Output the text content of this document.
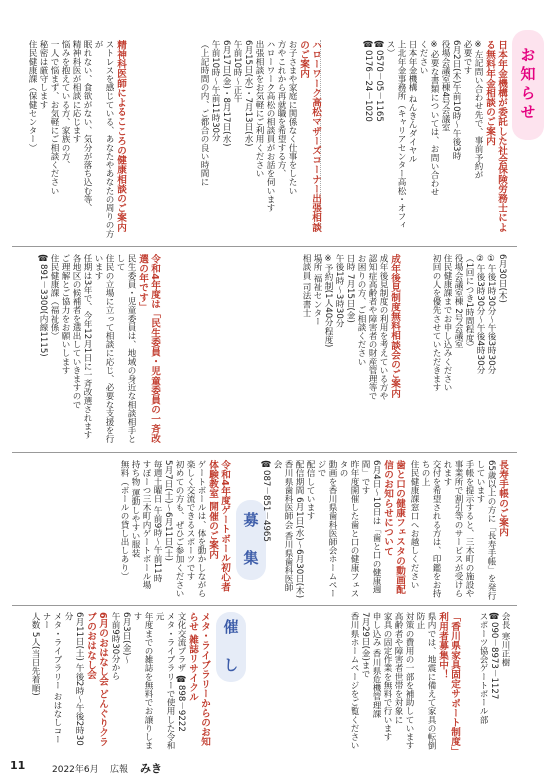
お知らせ
日本年金機構が委託した社会保険労務士による無料年金相談のご案内
※左記問い合わせ先で、事前予約が
必要です
6月2日(木)午前10時～午後3時
役場会議室棟4号会議室
※必要な書類については、お問い合わせ
ください
日本年金機構 ねんきんダイヤル
上北年金事務所（キャリアセンター高松・オフィス）
☎0570－05－1165
☎0176－24－1020
ハローワーク高松マザーズコーナー出張相談のご案内
お子さまや家庭に関係なく仕事をしたい
方やこれから再就職を希望する方、
ハローワーク高松の相談員がお話を伺います
出張相談をお気軽にご利用ください
6月15日(水)・7月13日(水)
午前10時～正午
6月17日(金)・8月17日(水)
午前10時～午前11時30分
（上記時間の内、ご都合の良い時間に
精神科医師によるこころの健康相談のご案内
ストレスを感じている、あなたやあなたの周りの方が
眠れない、食欲がない、気分が落ち込む等、
精神科医が相談に応じます
悩みを抱えている方、家族の方、
一人で悩まず、お気軽にご相談ください
秘密は厳守します
住民健康課（保健センター）
6月30日(木)
①午後1時30分～午後3時30分
②午後3時30分～午後4時30分
（1回につき1時間程度）
役場会議室棟 2号会議室
住民健康課までお申し込みください
初回の人を優先させていただきます
成年後見制度無料相談会のご案内
成年後見制度の利用を考えている方や
認知症高齢者や障害者の財産管理等で
お困りの方、ご相談ください
日時 7月15日(金)
午後1時～3時30分
※予約制(1人40分程度)
場所 福祉センター
相談員 司法書士
令和4年度は「民生委員・児童委員の一斉改選の年です」
民生委員・児童委員は、地域の身近な相談相手として
住民の立場に立って相談に応じ、必要な支援を行います
任期は3年で、今年12月1日に一斉改選されます
各地区の候補者を選出していきますので
ご理解とご協力をお願いします
住民健康課（福祉係）
☎891－3300(内線1115)
募　集
長寿手帳のご案内
65歳以上の方に「長寿手帳」を発行しています
手帳を提示すると、三木町の施設や
事業所で割引等のサービスが受けられます
交付を希望される方は、印鑑をお持ちの上
住民健康課窓口へお越しください
歯と口の健康フェスタの動画配信のお知らせについて
6月4日～10日は「歯と口の健康週間」です
昨年度開催した歯と口の健康フェスタの
動画を香川県歯科医師会ホームページで
配信しています
配信期間 6月1日(水)～6月30日(木)
香川県歯科医師会 香川県歯科医師会
☎087－851－4965
令和4年度ゲートボール初心者体験教室 開催のご案内
ゲートボールは、体を動かしながら
楽しく交流できるスポーツです
初めての方も、ぜひご参加ください
5月7日(土)～6月11日(土)
毎週土曜日 午前9時～午前11時
すぽーつ三木町内ゲートボール場
持ち物 運動しやすい服装
無料（ボールの貸し出しあり）
催　し	会長 寒川正樹
☎090－8973－1127
スポーツ協会ゲートボール部
「香川県家具固定サポート制度」利用者募集中！
県内では、地震に備えて家具の転倒防止
対策の費用の一部を補助しています
高齢者や障害者世帯を対象に
家具の固定作業を無料で行います
申し込み 香川県危機管理課
7月29日(金)まで
香川県ホームページをご覧ください
メタ・ライブラリーからのお知らせ 雑誌リサイクル
文化交流プラザ ☎898－9222
メタ・ライブラリーで使用した令和元
年度までの雑誌を無料でお譲りします
6月3日(金)～
午前9時30分から
6月のおはなし会 どんぐりクラブのおはなし会
6月11日(土) 午後2時～午後2時30分
メタ・ライブラリー おはなしコーナー
人数 5人(当日先着順)
11	2022年6月 広報 みき
